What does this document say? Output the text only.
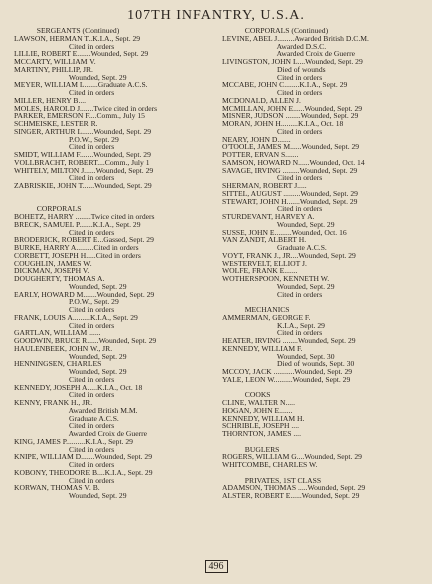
107TH INFANTRY, U.S.A.
SERGEANTS (Continued)
LAWSON, HERMAN T..K.I.A., Sept. 29
Cited in orders
LILLIE, ROBERT E.......Wounded, Sept. 29
MCCARTY, WILLIAM V.
MARTINY, PHILLIP, JR.
Wounded, Sept. 29
MEYER, WILLIAM L.......Graduate A.C.S.
Cited in orders
MILLER, HENRY B....
MOLES, HAROLD J.......Twice cited in orders
PARKER, EMERSON F....Comm., July 15
SCHMEISKE, LESTER R.
SINGER, ARTHUR L......Wounded, Sept. 29
P.O.W., Sept. 29
Cited in orders
SMIDT, WILLIAM F.......Wounded, Sept. 29
VOLLBRACHT, ROBERT....Comm., July 1
WHITELY, MILTON J......Wounded, Sept. 29
Cited in orders
ZABRISKIE, JOHN T......Wounded, Sept. 29
CORPORALS
BOHETZ, HARRY ........Twice cited in orders
BRECK, SAMUEL P.......K.I.A., Sept. 29
Cited in orders
BRODERICK, ROBERT E...Gassed, Sept. 29
BURKE, HARRY A.........Cited in orders
CORBETT, JOSEPH H.....Cited in orders
COUGHLIN, JAMES W.
DICKMAN, JOSEPH V.
DOUGHERTY, THOMAS A.
Wounded, Sept. 29
EARLY, HOWARD M.......Wounded, Sept. 29
P.O.W., Sept. 29
Cited in orders
FRANK, LOUIS A.........K.I.A., Sept. 29
Cited in orders
GARTLAN, WILLIAM ......
GOODWIN, BRUCE R......Wounded, Sept. 29
HAULENBEEK, JOHN W., JR.
Wounded, Sept. 29
HENNINGSEN, CHARLES
Wounded, Sept. 29
Cited in orders
KENNEDY, JOSEPH A.....K.I.A., Oct. 18
Cited in orders
KENNY, FRANK H., JR.
Awarded British M.M.
Graduate A.C.S.
Cited in orders
Awarded Croix de Guerre
KING, JAMES P..........K.I.A., Sept. 29
Cited in orders
KNIPE, WILLIAM D.......Wounded, Sept. 29
Cited in orders
KOBONY, THEODORE B....K.I.A., Sept. 29
Cited in orders
KORWAN, THOMAS V. B.
Wounded, Sept. 29
CORPORALS (Continued)
LEVINE, ABEL J.........Awarded British D.C.M.
Awarded D.S.C.
Awarded Croix de Guerre
LIVINGSTON, JOHN L....Wounded, Sept. 29
Died of wounds
Cited in orders
MCCABE, JOHN C........K.I.A., Sept. 29
Cited in orders
MCDONALD, ALLEN J.
MCMILLAN, JOHN E......Wounded, Sept. 29
MISNER, JUDSON ........Wounded, Sept. 29
MORAN, JOHN H.........K.I.A., Oct. 18
Cited in orders
NEARY, JOHN D.......
O'TOOLE, JAMES M......Wounded, Sept. 29
POTTER, ERVAN S.......
SAMSON, HOWARD N......Wounded, Oct. 14
SAVAGE, IRVING .........Wounded, Sept. 29
Cited in orders
SHERMAN, ROBERT J.....
SITTEL, AUGUST .........Wounded, Sept. 29
STEWART, JOHN H.......Wounded, Sept. 29
Cited in orders
STURDEVANT, HARVEY A.
Wounded, Sept. 29
SUSSE, JOHN E.........Wounded, Oct. 16
VAN ZANDT, ALBERT H.
Graduate A.C.S.
VOYT, FRANK J., JR....Wounded, Sept. 29
WESTERVELT, ELLIOT J.
WOLFE, FRANK E.......
WOTHERSPOON, KENNETH W.
Wounded, Sept. 29
Cited in orders
MECHANICS
AMMERMAN, GEORGE F.
K.I.A., Sept. 29
Cited in orders
HEATER, IRVING ........Wounded, Sept. 29
KENNEDY, WILLIAM F.
Wounded, Sept. 30
Died of wounds, Sept. 30
MCCOY, JACK ...........Wounded, Sept. 29
YALE, LEON W..........Wounded, Sept. 29
COOKS
CLINE, WALTER N.....
HOGAN, JOHN E.......
KENNEDY, WILLIAM H.
SCHRIBLE, JOSEPH ....
THORNTON, JAMES ....
BUGLERS
ROGERS, WILLIAM G....Wounded, Sept. 29
WHITCOMBE, CHARLES W.
PRIVATES, 1ST CLASS
ADAMSON, THOMAS .....Wounded, Sept. 29
ALSTER, ROBERT E......Wounded, Sept. 29
496
